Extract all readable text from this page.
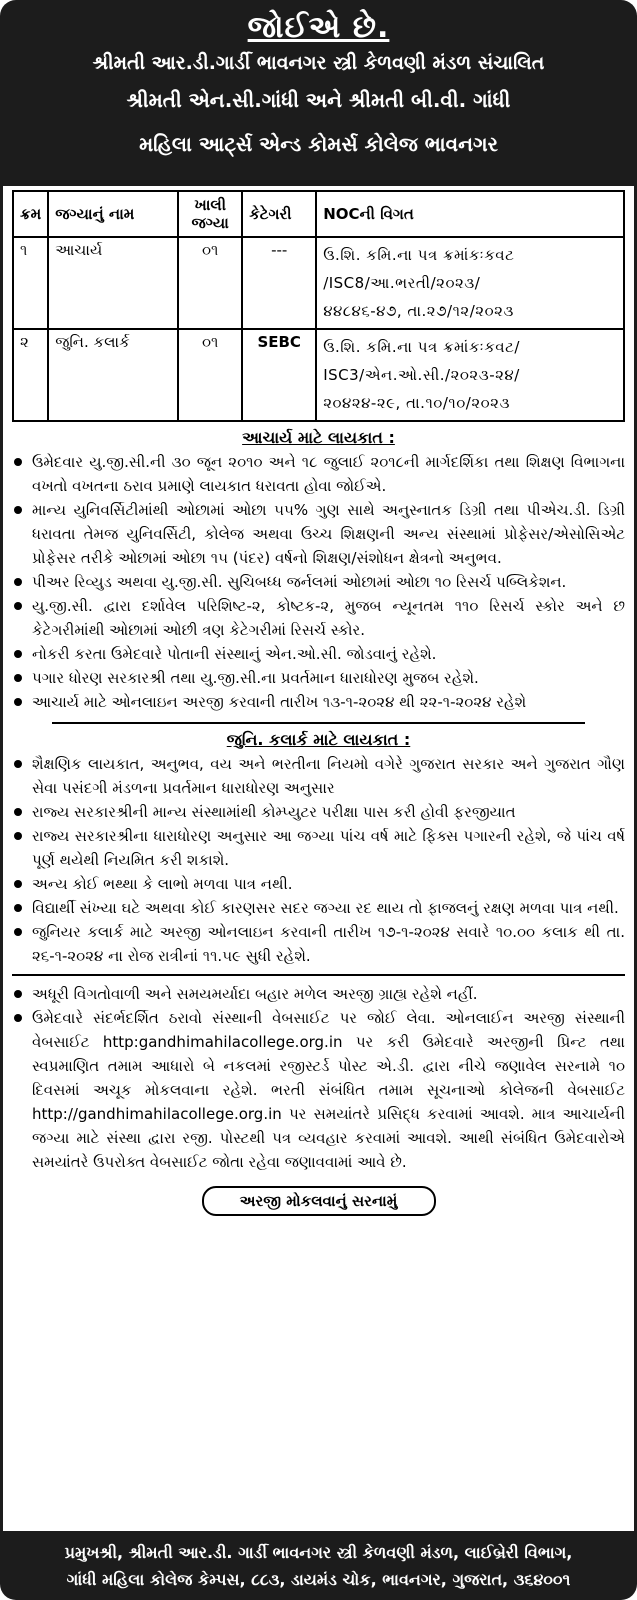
જોઈએ છે.
શ્રીમતી આર.ડી.ગાર્ડી ભાવનગર સ્ત્રી કેળવણી મંડળ સંચાલિત
શ્રીમતી એન.સી.ગાંધી અને શ્રીમતી બી.વી. ગાંધી
મહિલા આર્ટ્સ એન્ડ કોમર્સ કોલેજ ભાવનગર
ક્રમ	જગ્યાનું નામ	ખાલી જગ્યા	કેટેગરી	NOCની વિગત
૧	આચાર્ય	૦૧	---	ઉ.શિ. કમિ.ના પત્ર ક્રમાંકઃકવટ
/ISC8/આ.ભરતી/૨૦૨૩/
૪૪૮૪૬-૪૭, તા.૨૭/૧૨/૨૦૨૩

૨	જુનિ. કલાર્ક	૦૧	SEBC	ઉ.શિ. કમિ.ના પત્ર ક્રમાંકઃકવટ/
ISC3/એન.ઓ.સી./૨૦૨૩-૨૪/
૨૦૪૨૪-૨૯, તા.૧૦/૧૦/૨૦૨૩
આચાર્ય માટે લાયકાત :
ઉમેદવાર યુ.જી.સી.ની ૩૦ જૂન ૨૦૧૦ અને ૧૮ જુલાઈ ૨૦૧૮ની માર્ગદર્શિકા તથા શિક્ષણ વિભાગના વખતો વખતના ઠરાવ પ્રમાણે લાયકાત ધરાવતા હોવા જોઈએ.
માન્ય યુનિવર્સિટીમાંથી ઓછામાં ઓછા ૫૫% ગુણ સાથે અનુસ્નાતક ડિગ્રી તથા પીએચ.ડી. ડિગ્રી ધરાવતા તેમજ યુનિવર્સિટી, કોલેજ અથવા ઉચ્ચ શિક્ષણની અન્ય સંસ્થામાં પ્રોફેસર/એસોસિએટ પ્રોફેસર તરીકે ઓછામાં ઓછા ૧૫ (પંદર) વર્ષનો શિક્ષણ/સંશોધન ક્ષેત્રનો અનુભવ.
પીઅર રિવ્યુડ અથવા યુ.જી.સી. સુચિબધ્ધ જર્નલમાં ઓછામાં ઓછા ૧૦ રિસર્ચ પબ્લિકેશન.
યુ.જી.સી. દ્વારા દર્શાવેલ પરિશિષ્ટ-૨, કોષ્ટક-૨, મુજબ ન્યૂનતમ ૧૧૦ રિસર્ચ સ્કોર અને છ કેટેગરીમાંથી ઓછામાં ઓછી ત્રણ કેટેગરીમાં રિસર્ચ સ્કોર.
નોકરી કરતા ઉમેદવારે પોતાની સંસ્થાનું એન.ઓ.સી. જોડવાનું રહેશે.
પગાર ધોરણ સરકારશ્રી તથા યુ.જી.સી.ના પ્રવર્તમાન ધારાધોરણ મુજબ રહેશે.
આચાર્ય માટે ઓનલાઇન અરજી કરવાની તારીખ ૧૩-૧-૨૦૨૪ થી ૨૨-૧-૨૦૨૪ રહેશે
જુનિ. કલાર્ક માટે લાયકાત :
શૈક્ષણિક લાયકાત, અનુભવ, વય અને ભરતીના નિયમો વગેરે ગુજરાત સરકાર અને ગુજરાત ગૌણ સેવા પસંદગી મંડળના પ્રવર્તમાન ધારાધોરણ અનુસાર
રાજ્ય સરકારશ્રીની માન્ય સંસ્થામાંથી કોમ્પ્યુટર પરીક્ષા પાસ કરી હોવી ફરજીયાત
રાજ્ય સરકારશ્રીના ધારાધોરણ અનુસાર આ જગ્યા પાંચ વર્ષ માટે ફિક્સ પગારની રહેશે, જે પાંચ વર્ષ પૂર્ણ થયેથી નિયમિત કરી શકાશે.
અન્ય કોઈ ભથ્થા કે લાભો મળવા પાત્ર નથી.
વિદ્યાર્થી સંખ્યા ઘટે અથવા કોઈ કારણસર સદર જગ્યા રદ થાય તો ફાજલનું રક્ષણ મળવા પાત્ર નથી.
જુનિયર કલાર્ક માટે અરજી ઓનલાઇન કરવાની તારીખ ૧૭-૧-૨૦૨૪ સવારે ૧૦.૦૦ કલાક થી તા. ૨૬-૧-૨૦૨૪ ના રોજ રાત્રીનાં ૧૧.૫૯ સુધી રહેશે.
અધૂરી વિગતોવાળી અને સમયમર્યાદા બહાર મળેલ અરજી ગ્રાહ્ય રહેશે નહીં.
ઉમેદવારે સંદર્ભદર્શિત ઠરાવો સંસ્થાની વેબસાઈટ પર જોઈ લેવા. ઓનલાઈન અરજી સંસ્થાની વેબસાઈટ http:gandhimahilacollege.org.in પર કરી ઉમેદવારે અરજીની પ્રિન્ટ તથા સ્વપ્રમાણિત તમામ આધારો બે નકલમાં રજીસ્ટર્ડ પોસ્ટ એ.ડી. દ્વારા નીચે જણાવેલ સરનામે ૧૦ દિવસમાં અચૂક મોકલવાના રહેશે. ભરતી સંબંધિત તમામ સૂચનાઓ કોલેજની વેબસાઈટ http://gandhimahilacollege.org.in પર સમયાંતરે પ્રસિદ્ધ કરવામાં આવશે. માત્ર આચાર્યની જગ્યા માટે સંસ્થા દ્વારા રજી. પોસ્ટથી પત્ર વ્યવહાર કરવામાં આવશે. આથી સંબંધિત ઉમેદવારોએ સમયાંતરે ઉપરોક્ત વેબસાઈટ જોતા રહેવા જણાવવામાં આવે છે.
અરજી મોકલવાનું સરનામું
પ્રમુખશ્રી, શ્રીમતી આર.ડી. ગાર્ડી ભાવનગર સ્ત્રી કેળવણી મંડળ, લાઈબ્રેરી વિભાગ,
ગાંધી મહિલા કોલેજ કેમ્પસ, ૮૮૩, ડાયમંડ ચોક, ભાવનગર, ગુજરાત, ૩૬૪૦૦૧
